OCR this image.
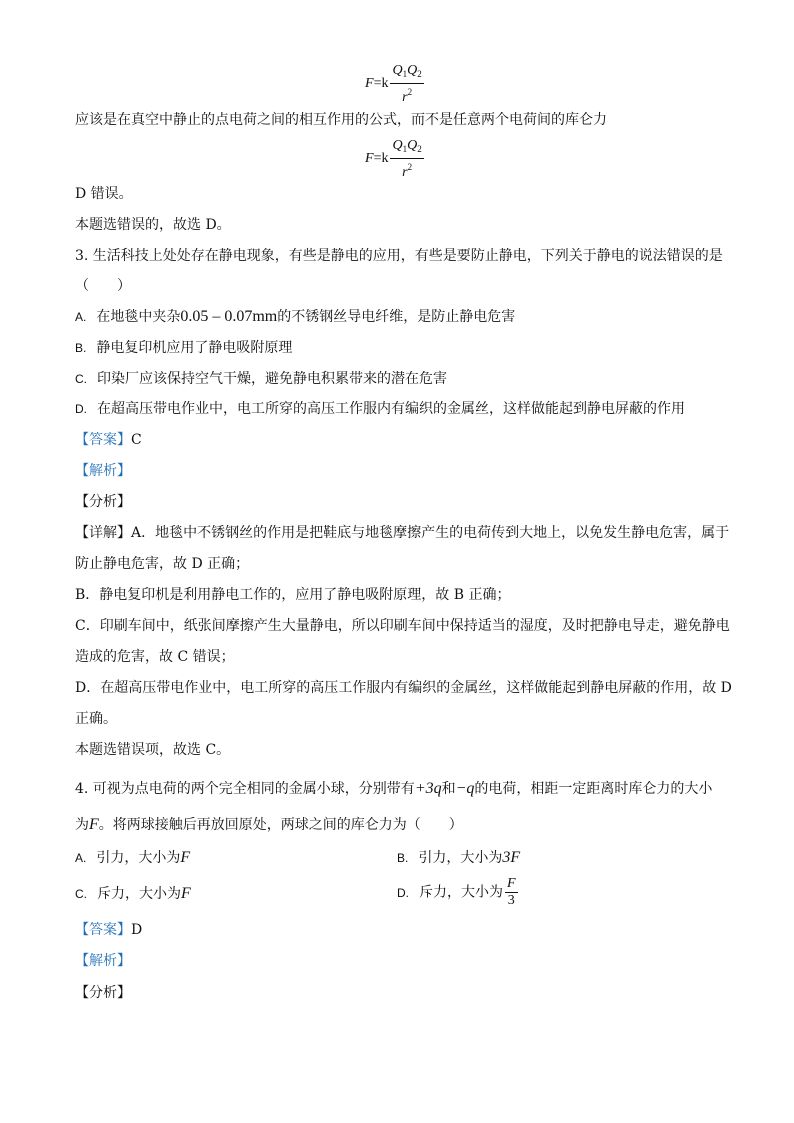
$F =k \frac{Q_1Q_2}{r^2}$
应该是在真空中静止的点电荷之间的相互作用的公式，而不是任意两个电荷间的库仑力
$F =k \frac{Q_1Q_2}{r^2}$
D 错误。
本题选错误的，故选 D。
3. 生活科技上处处存在静电现象，有些是静电的应用，有些是要防止静电，下列关于静电的说法错误的是
（　　）
A. 在地毯中夹杂0.05 – 0.07mm的不锈钢丝导电纤维，是防止静电危害
B. 静电复印机应用了静电吸附原理
C. 印染厂应该保持空气干燥，避免静电积累带来的潜在危害
D. 在超高压带电作业中，电工所穿的高压工作服内有编织的金属丝，这样做能起到静电屏蔽的作用
【答案】C
【解析】
【分析】
【详解】A．地毯中不锈钢丝的作用是把鞋底与地毯摩擦产生的电荷传到大地上，以免发生静电危害，属于
防止静电危害，故 D 正确；
B．静电复印机是利用静电工作的，应用了静电吸附原理，故 B 正确；
C．印刷车间中，纸张间摩擦产生大量静电，所以印刷车间中保持适当的湿度，及时把静电导走，避免静电
造成的危害，故 C 错误；
D．在超高压带电作业中，电工所穿的高压工作服内有编织的金属丝，这样做能起到静电屏蔽的作用，故 D
正确。
本题选错误项，故选 C。
4. 可视为点电荷的两个完全相同的金属小球，分别带有+3q和−q的电荷，相距一定距离时库仑力的大小
为F。将两球接触后再放回原处，两球之间的库仑力为（　　）
A. 引力，大小为F	B. 引力，大小为3F
C. 斥力，大小为F	D. 斥力，大小为 $\frac{F}{3}$
【答案】D
【解析】
【分析】
